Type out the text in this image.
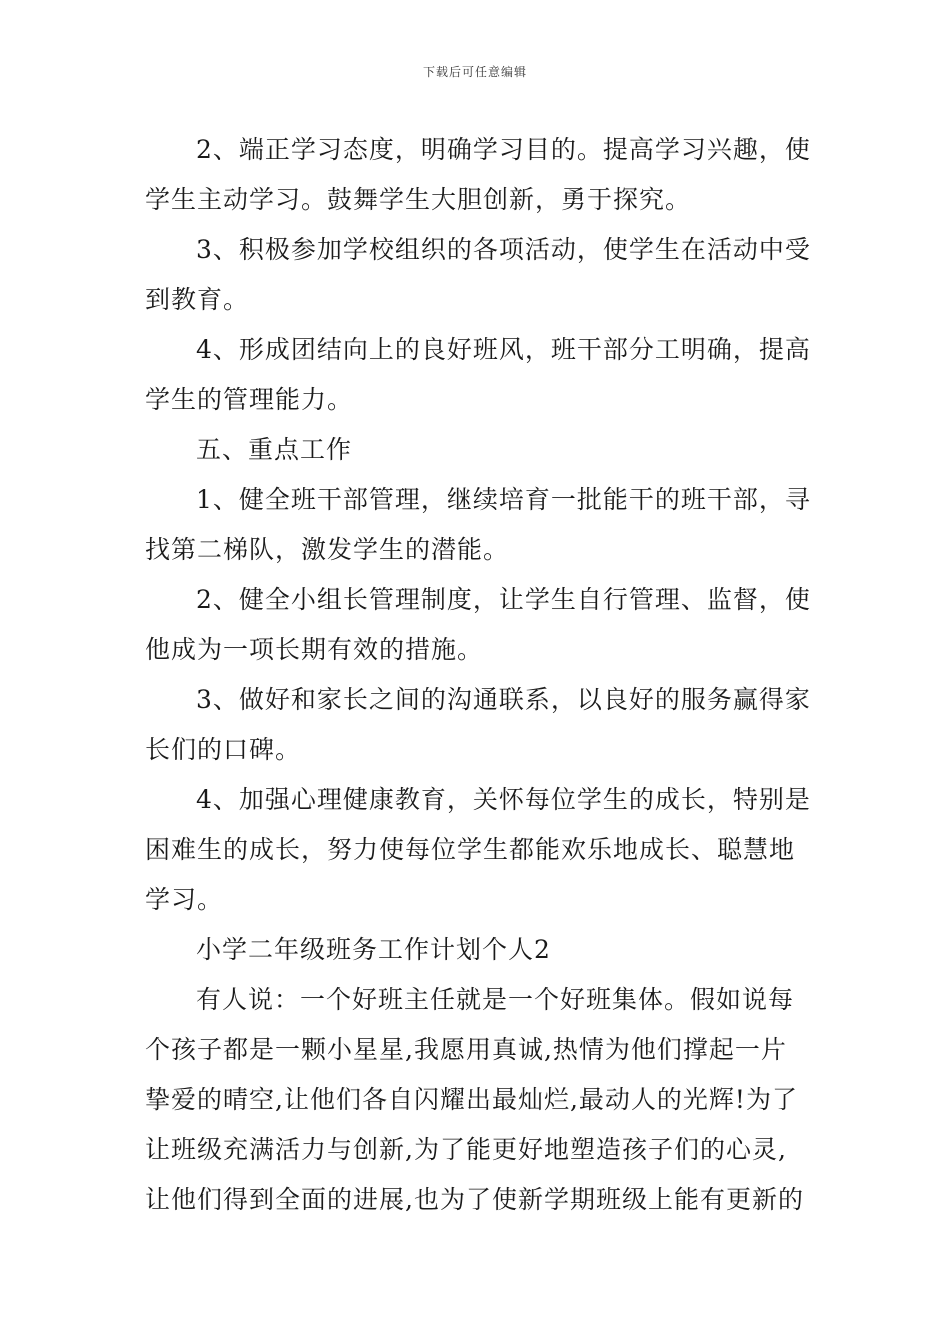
下载后可任意编辑
2、端正学习态度，明确学习目的。提高学习兴趣，使
学生主动学习。鼓舞学生大胆创新，勇于探究。
3、积极参加学校组织的各项活动，使学生在活动中受
到教育。
4、形成团结向上的良好班风，班干部分工明确，提高
学生的管理能力。
五、重点工作
1、健全班干部管理，继续培育一批能干的班干部，寻
找第二梯队，激发学生的潜能。
2、健全小组长管理制度，让学生自行管理、监督，使
他成为一项长期有效的措施。
3、做好和家长之间的沟通联系，以良好的服务赢得家
长们的口碑。
4、加强心理健康教育，关怀每位学生的成长，特别是
困难生的成长，努力使每位学生都能欢乐地成长、聪慧地
学习。
小学二年级班务工作计划个人2
有人说：一个好班主任就是一个好班集体。假如说每
个孩子都是一颗小星星,我愿用真诚,热情为他们撑起一片
挚爱的晴空,让他们各自闪耀出最灿烂,最动人的光辉!为了
让班级充满活力与创新,为了能更好地塑造孩子们的心灵,
让他们得到全面的进展,也为了使新学期班级上能有更新的
